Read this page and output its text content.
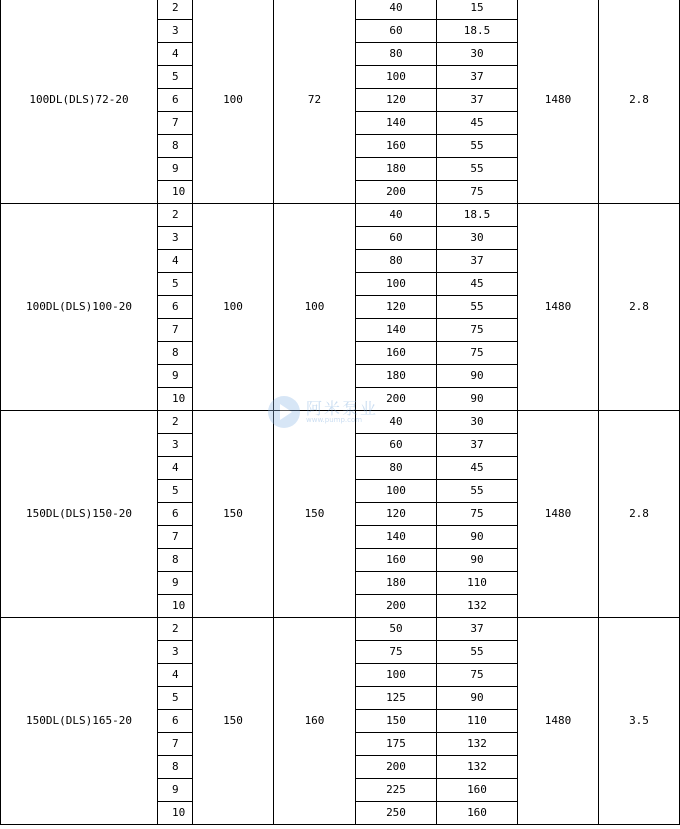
100DL(DLS)72-20	2	100	72	40	15	1480	2.8
	3			60	18.5		
	4			80	30		
	5			100	37		
	6			120	37		
	7			140	45		
	8			160	55		
	9			180	55		
	10			200	75		
100DL(DLS)100-20	2	100	100	40	18.5	1480	2.8
	3			60	30		
	4			80	37		
	5			100	45		
	6			120	55		
	7			140	75		
	8			160	75		
	9			180	90		
	10			200	90		
150DL(DLS)150-20	2	150	150	40	30	1480	2.8
	3			60	37		
	4			80	45		
	5			100	55		
	6			120	75		
	7			140	90		
	8			160	90		
	9			180	110		
	10			200	132		
150DL(DLS)165-20	2	150	160	50	37	1480	3.5
	3			75	55		
	4			100	75		
	5			125	90		
	6			150	110		
	7			175	132		
	8			200	132		
	9			225	160		
	10			250	160		
阿米泵业
www.pump.com
